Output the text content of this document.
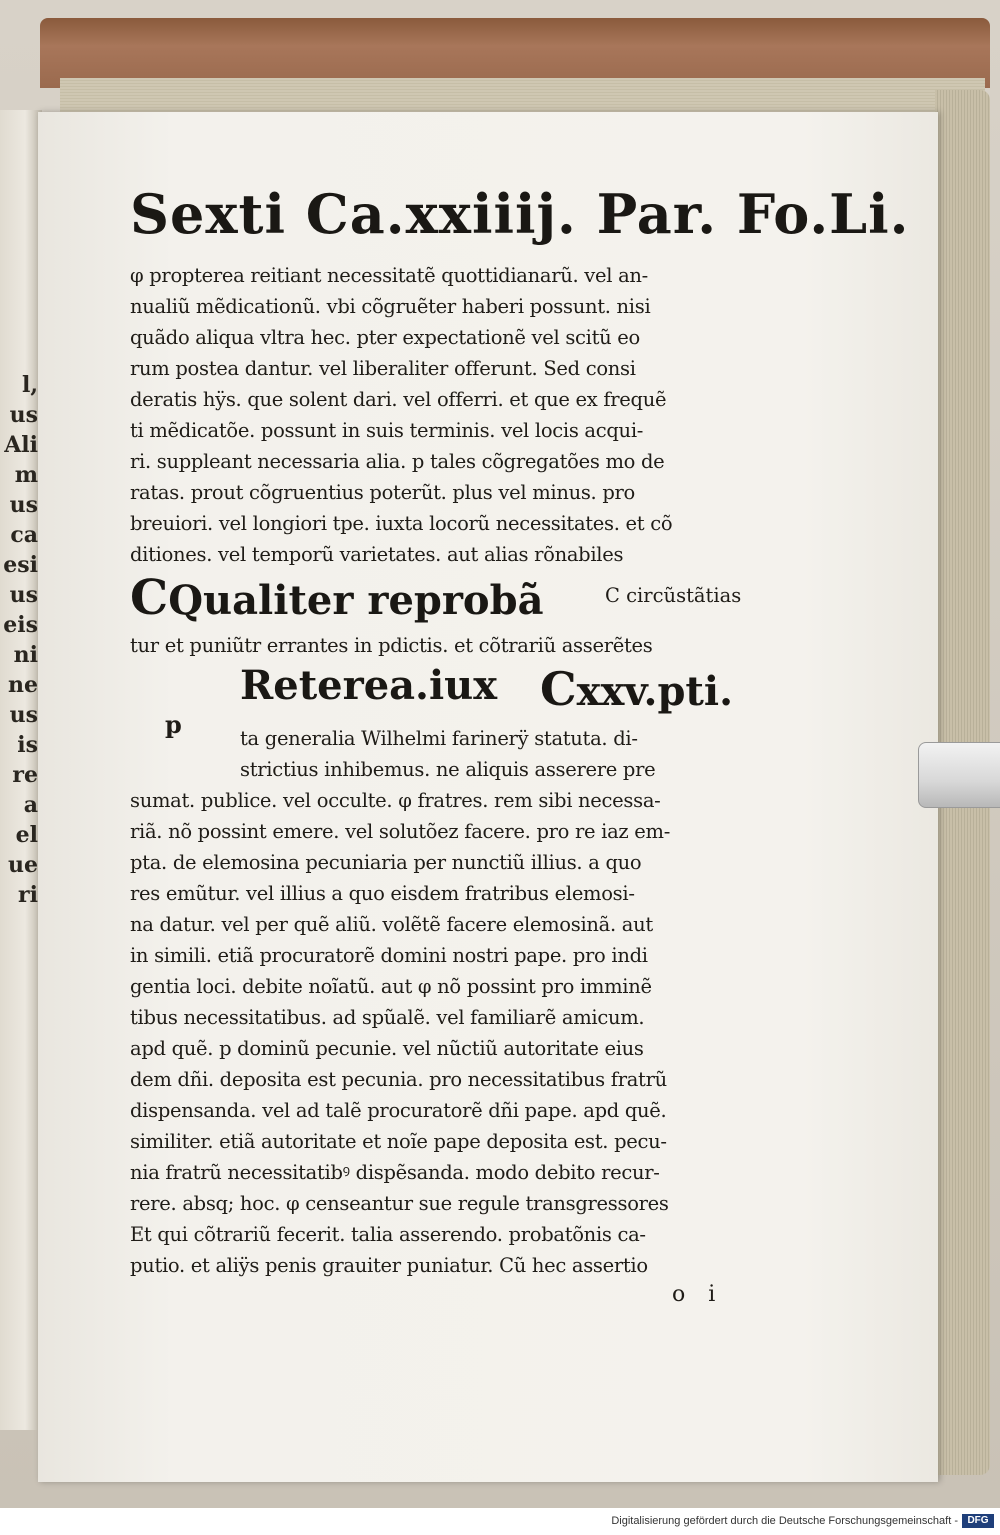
l,
us
Ali
m
us
ca
esi
us
eis
ni
ne
us
is
re
a
el
ue
ri
Sexti Ca.xxiiij. Par. Fo.Li.
φ propterea reitiant necessitatẽ quottidianarũ. vel an-
nualiũ mẽdicationũ. vbi cõgruẽter haberi possunt. nisi
quãdo aliqua vltra hec. pter expectationẽ vel scitũ eo
rum postea dantur. vel liberaliter offerunt. Sed consi
deratis hÿs. que solent dari. vel offerri. et que ex frequẽ
ti mẽdicatõe. possunt in suis terminis. vel locis acqui-
ri. suppleant necessaria alia. p tales cõgregatões mo de
ratas. prout cõgruentius poterũt. plus vel minus. pro
breuiori. vel longiori tpe. iuxta locorũ necessitates. et cõ
ditiones. vel temporũ varietates. aut alias rõnabiles
CQualiter reprobã	C circũstãtias
tur et puniũtr errantes in pdictis. et cõtrariũ asserẽtes
Reterea.iux Cxxv.pti.
p	ta generalia Wilhelmi farinerÿ statuta. di-
strictius inhibemus. ne aliquis asserere pre
sumat. publice. vel occulte. φ fratres. rem sibi necessa-
riã. nõ possint emere. vel solutõez facere. pro re iaz em-
pta. de elemosina pecuniaria per nunctiũ illius. a quo
res emũtur. vel illius a quo eisdem fratribus elemosi-
na datur. vel per quẽ aliũ. volẽtẽ facere elemosinã. aut
in simili. etiã procuratorẽ domini nostri pape. pro indi
gentia loci. debite noĩatũ. aut φ nõ possint pro imminẽ
tibus necessitatibus. ad spũalẽ. vel familiarẽ amicum.
apd quẽ. p dominũ pecunie. vel nũctiũ autoritate eius
dem dñi. deposita est pecunia. pro necessitatibus fratrũ
dispensanda. vel ad talẽ procuratorẽ dñi pape. apd quẽ.
similiter. etiã autoritate et noĩe pape deposita est. pecu-
nia fratrũ necessitatibꝰ dispẽsanda. modo debito recur-
rere. absq; hoc. φ censeantur sue regule transgressores
Et qui cõtrariũ fecerit. talia asserendo. probatõnis ca-
putio. et aliÿs penis grauiter puniatur. Cũ hec assertio
o i
Digitalisierung gefördert durch die Deutsche Forschungsgemeinschaft - DFG
